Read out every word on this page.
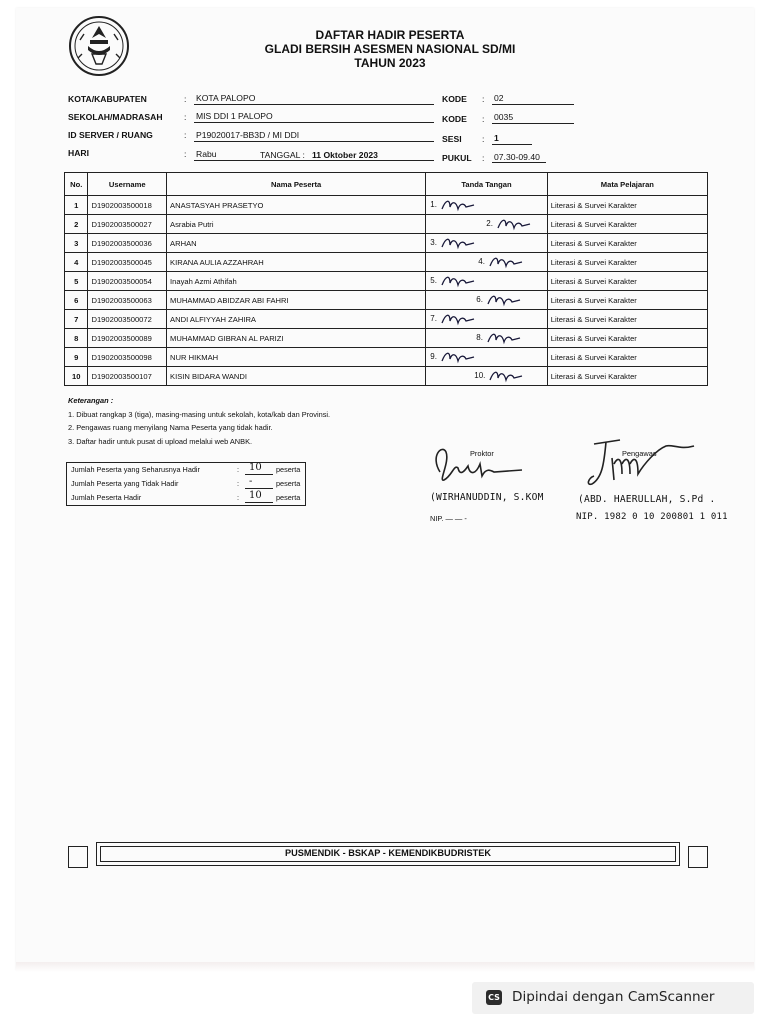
DAFTAR HADIR PESERTA
GLADI BERSIH ASESMEN NASIONAL SD/MI
TAHUN 2023
KOTA/KABUPATEN	: KOTA PALOPO
SEKOLAH/MADRASAH : MIS DDI 1 PALOPO
ID SERVER / RUANG	: P19020017-BB3D / MI DDI
HARI	: Rabu	TANGGAL : 11 Oktober 2023
KODE : 02
KODE : 0035
SESI : 1
PUKUL : 07.30-09.40
No.	Username	Nama Peserta	Tanda Tangan	Mata Pelajaran
1	D1902003500018	ANASTASYAH PRASETYO	1.	Literasi & Survei Karakter
2	D1902003500027	Asrabia Putri	2.	Literasi & Survei Karakter
3	D1902003500036	ARHAN	3.	Literasi & Survei Karakter
4	D1902003500045	KIRANA AULIA AZZAHRAH	4.	Literasi & Survei Karakter
5	D1902003500054	Inayah Azmi Athifah	5.	Literasi & Survei Karakter
6	D1902003500063	MUHAMMAD ABIDZAR ABI FAHRI	6.	Literasi & Survei Karakter
7	D1902003500072	ANDI ALFIYYAH ZAHIRA	7.	Literasi & Survei Karakter
8	D1902003500089	MUHAMMAD GIBRAN AL PARIZI	8.	Literasi & Survei Karakter
9	D1902003500098	NUR HIKMAH	9.	Literasi & Survei Karakter
10	D1902003500107	KISIN BIDARA WANDI	10.	Literasi & Survei Karakter
Keterangan :
1. Dibuat rangkap 3 (tiga), masing-masing untuk sekolah, kota/kab dan Provinsi.
2. Pengawas ruang menyilang Nama Peserta yang tidak hadir.
3. Daftar hadir untuk pusat di upload melalui web ANBK.
Jumlah Peserta yang Seharusnya Hadir	: 10 peserta
Jumlah Peserta yang Tidak Hadir	: -	peserta
Jumlah Peserta Hadir	: 10 peserta
Proktor
(WIRHANUDDIN, S.KOM
NIP. — — -
Pengawas
(ABD. HAERULLAH, S.Pd .
NIP. 1982 0 10 200801 1 011
PUSMENDIK - BSKAP - KEMENDIKBUDRISTEK
CS Dipindai dengan CamScanner
